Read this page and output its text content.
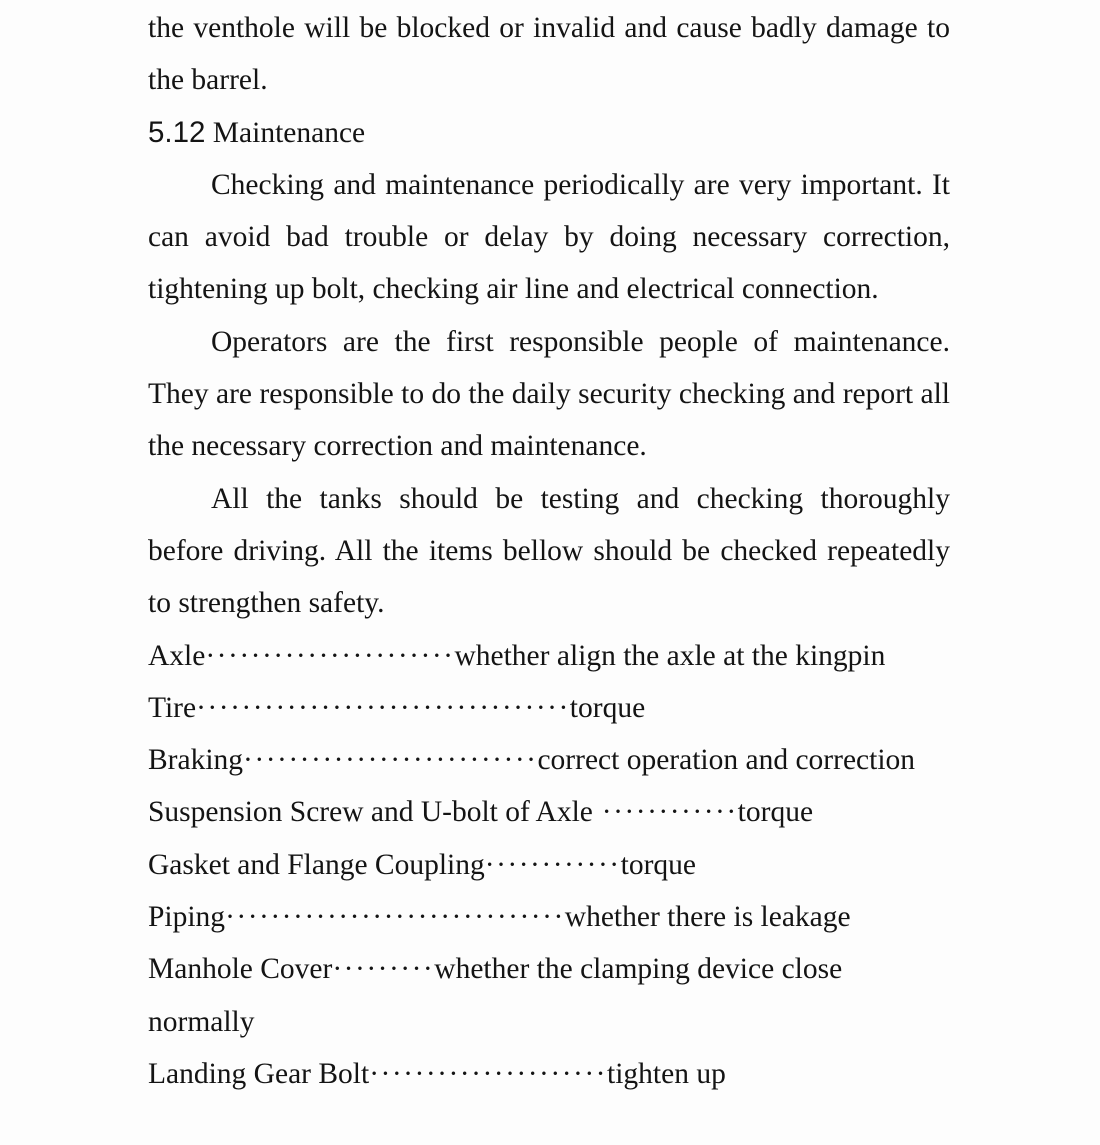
the venthole will be blocked or invalid and cause badly damage to the barrel.

5.12 Maintenance

Checking and maintenance periodically are very important. It can avoid bad trouble or delay by doing necessary correction, tightening up bolt, checking air line and electrical connection.

Operators are the first responsible people of maintenance. They are responsible to do the daily security checking and report all the necessary correction and maintenance.

All the tanks should be testing and checking thoroughly before driving. All the items bellow should be checked repeatedly to strengthen safety.

Axle······················whether align the axle at the kingpin
Tire·································torque
Braking··························correct operation and correction
Suspension Screw and U-bolt of Axle ············torque
Gasket and Flange Coupling············torque
Piping······························whether there is leakage
Manhole Cover·········whether the clamping device close normally
Landing Gear Bolt·····················tighten up
